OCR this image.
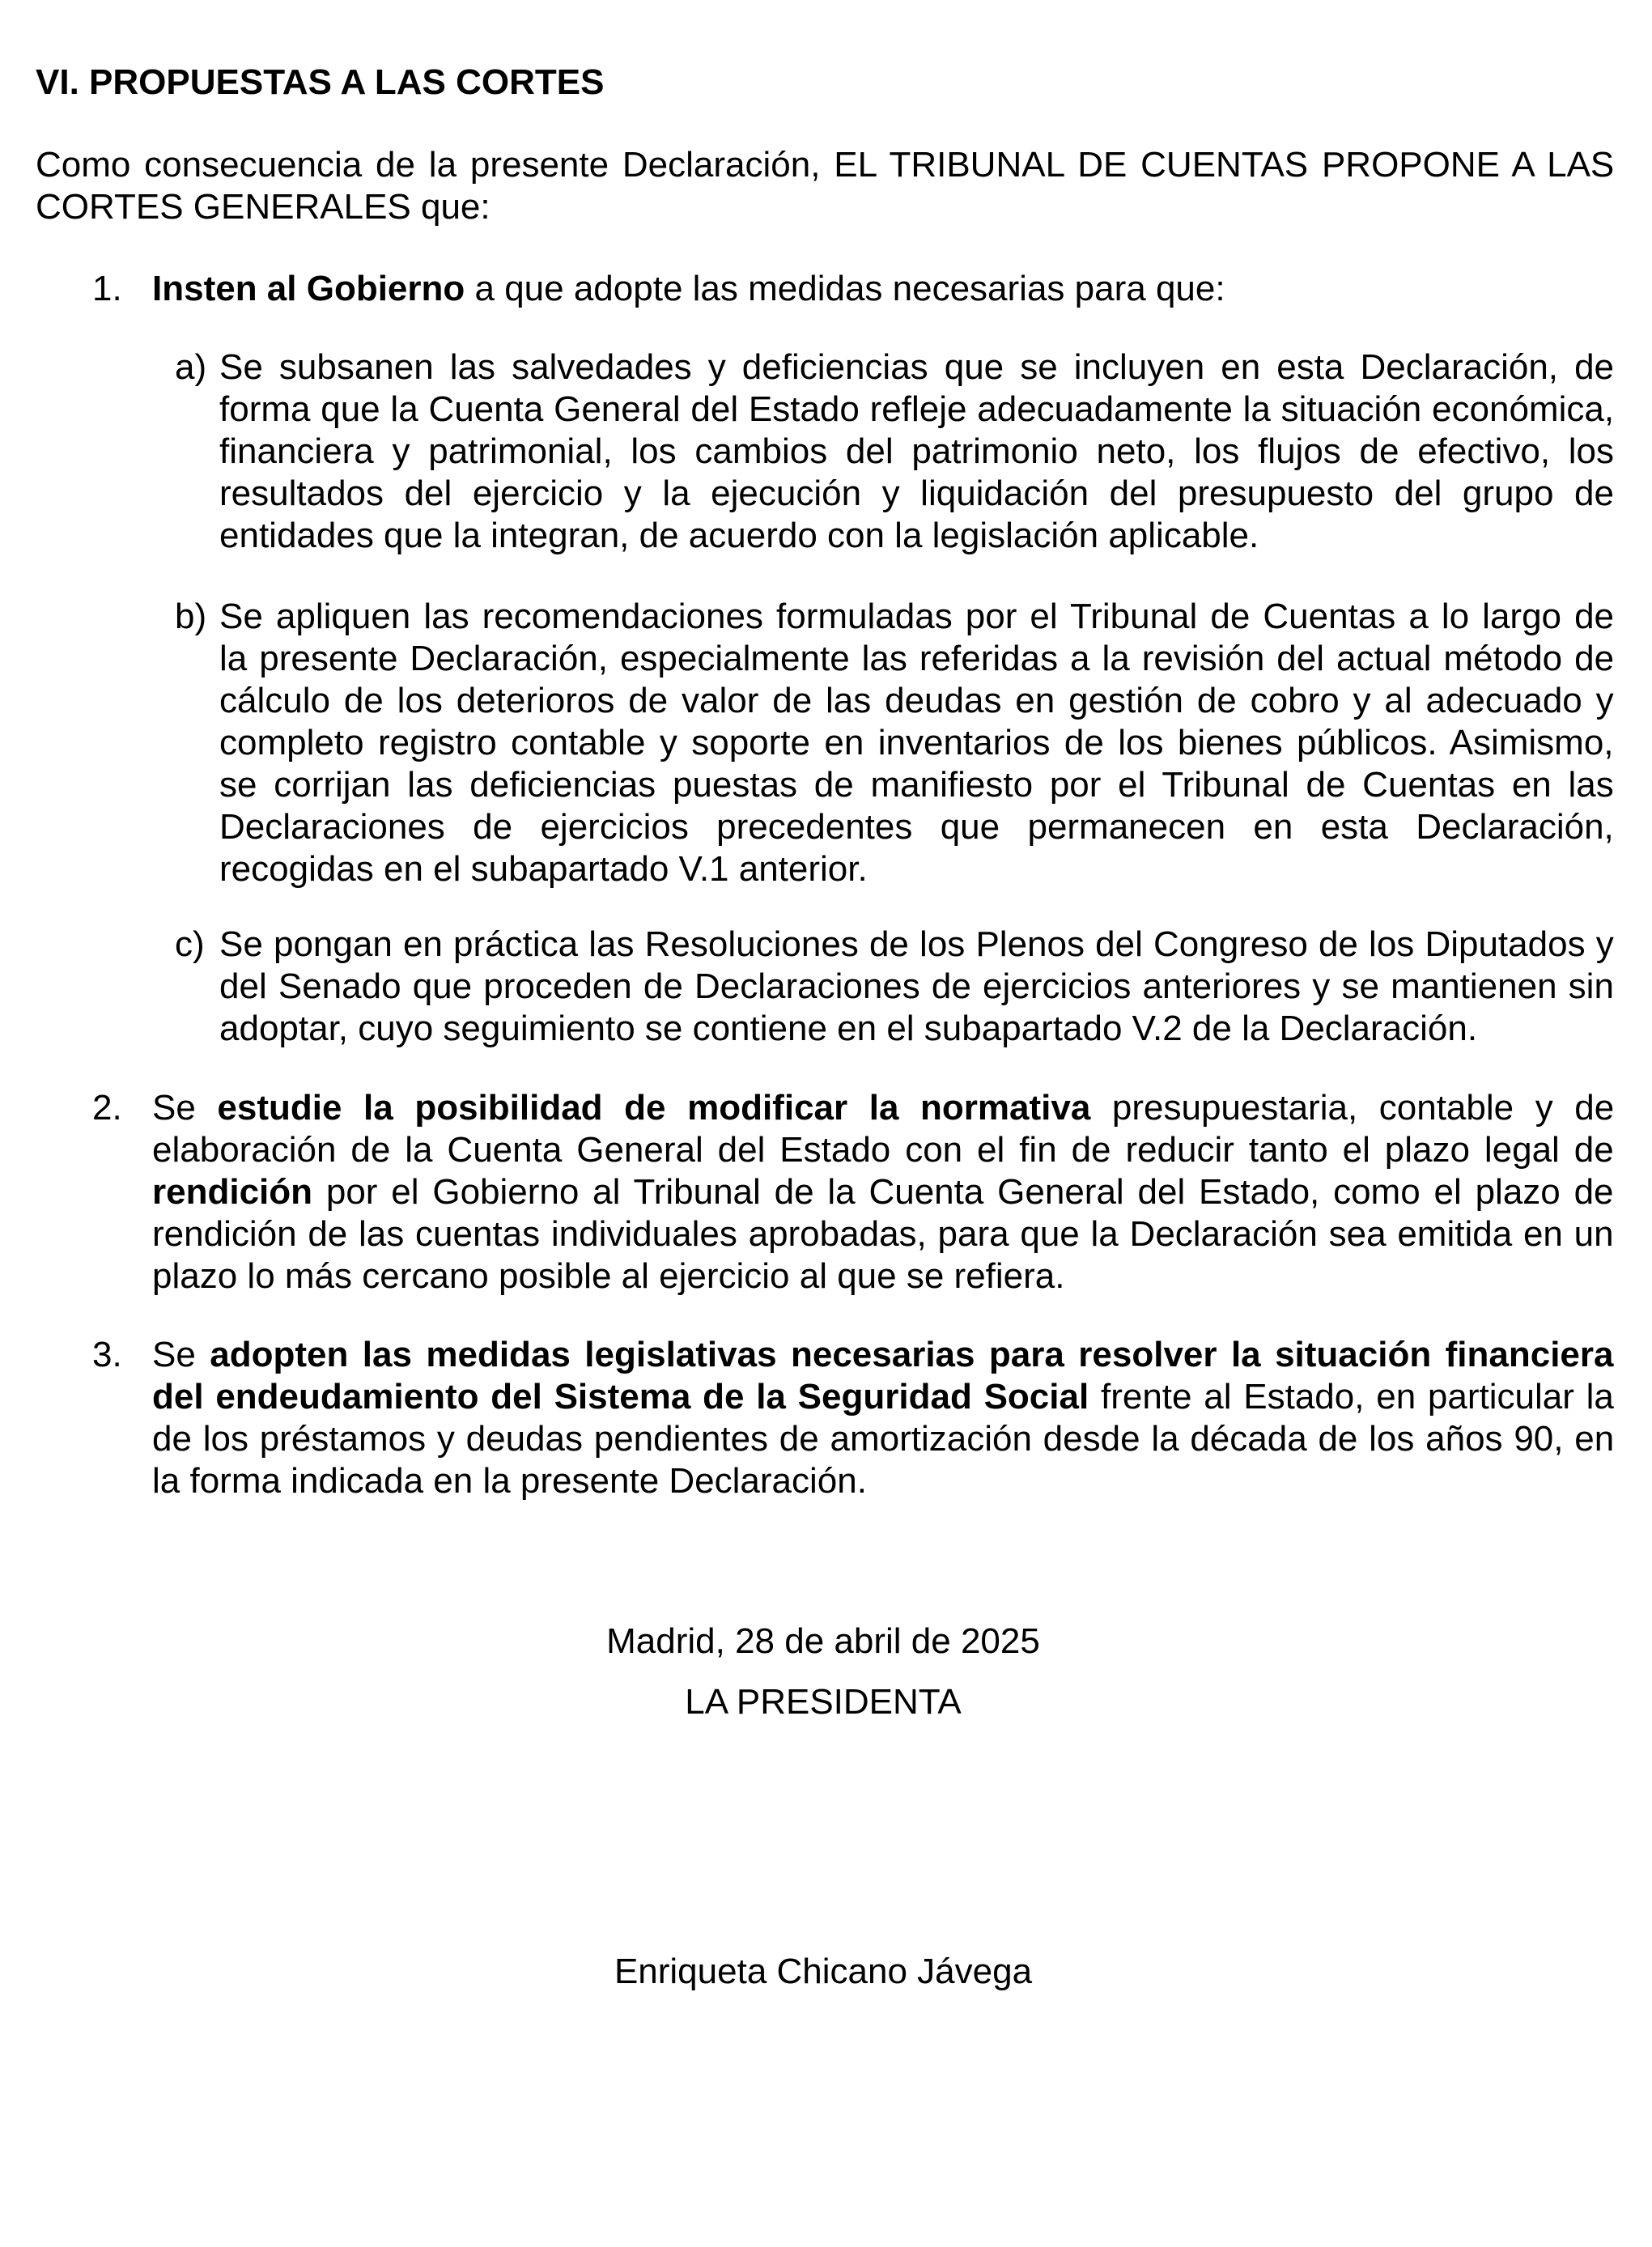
VI. PROPUESTAS A LAS CORTES
Como consecuencia de la presente Declaración, EL TRIBUNAL DE CUENTAS PROPONE A LAS
CORTES GENERALES que:
1. Insten al Gobierno a que adopte las medidas necesarias para que:
a) Se subsanen las salvedades y deficiencias que se incluyen en esta Declaración, de
forma que la Cuenta General del Estado refleje adecuadamente la situación económica,
financiera y patrimonial, los cambios del patrimonio neto, los flujos de efectivo, los
resultados del ejercicio y la ejecución y liquidación del presupuesto del grupo de
entidades que la integran, de acuerdo con la legislación aplicable.
b) Se apliquen las recomendaciones formuladas por el Tribunal de Cuentas a lo largo de
la presente Declaración, especialmente las referidas a la revisión del actual método de
cálculo de los deterioros de valor de las deudas en gestión de cobro y al adecuado y
completo registro contable y soporte en inventarios de los bienes públicos. Asimismo,
se corrijan las deficiencias puestas de manifiesto por el Tribunal de Cuentas en las
Declaraciones de ejercicios precedentes que permanecen en esta Declaración,
recogidas en el subapartado V.1 anterior.
c) Se pongan en práctica las Resoluciones de los Plenos del Congreso de los Diputados y
del Senado que proceden de Declaraciones de ejercicios anteriores y se mantienen sin
adoptar, cuyo seguimiento se contiene en el subapartado V.2 de la Declaración.
2. Se estudie la posibilidad de modificar la normativa presupuestaria, contable y de
elaboración de la Cuenta General del Estado con el fin de reducir tanto el plazo legal de
rendición por el Gobierno al Tribunal de la Cuenta General del Estado, como el plazo de
rendición de las cuentas individuales aprobadas, para que la Declaración sea emitida en un
plazo lo más cercano posible al ejercicio al que se refiera.
3. Se adopten las medidas legislativas necesarias para resolver la situación financiera
del endeudamiento del Sistema de la Seguridad Social frente al Estado, en particular la
de los préstamos y deudas pendientes de amortización desde la década de los años 90, en
la forma indicada en la presente Declaración.
Madrid, 28 de abril de 2025
LA PRESIDENTA
Enriqueta Chicano Jávega
